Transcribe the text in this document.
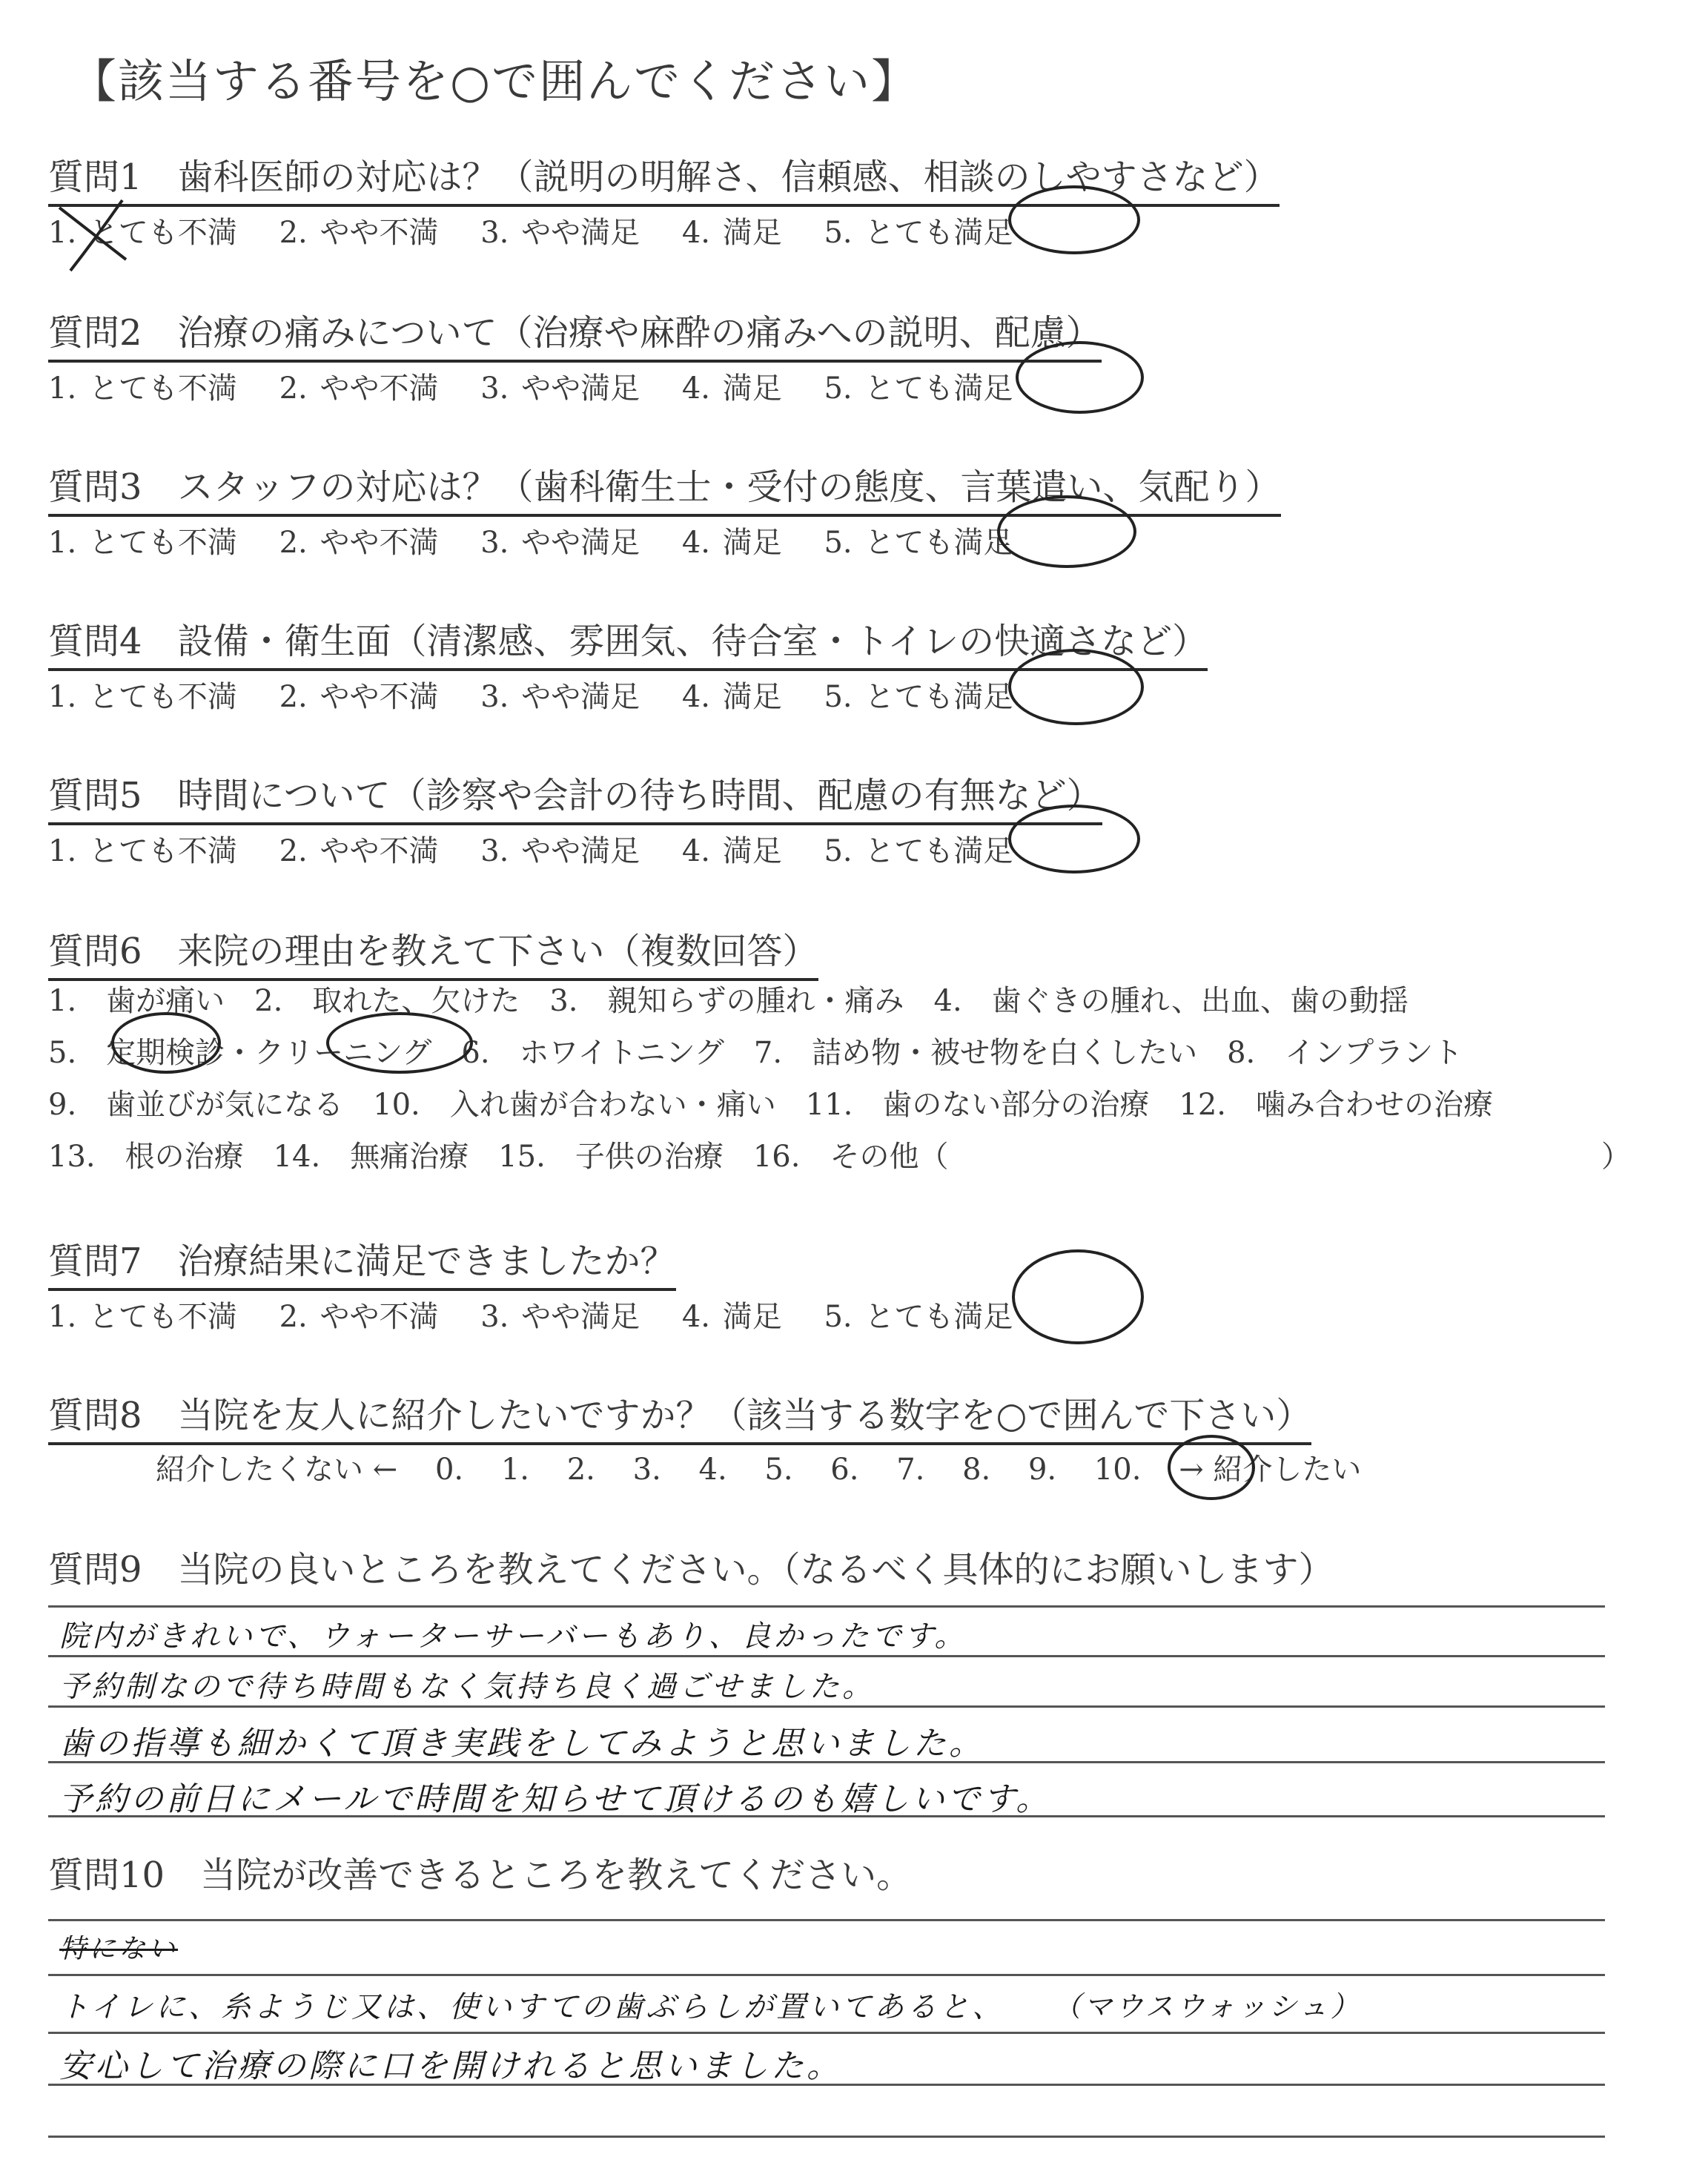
【該当する番号を○で囲んでください】
質問1　歯科医師の対応は？（説明の明解さ、信頼感、相談のしやすさなど）
1. とても不満　 2. やや不満　 3. やや満足　 4. 満足　 5. とても満足
質問2　治療の痛みについて（治療や麻酔の痛みへの説明、配慮）
1. とても不満　 2. やや不満　 3. やや満足　 4. 満足　 5. とても満足
質問3　スタッフの対応は？（歯科衛生士・受付の態度、言葉遣い、気配り）
1. とても不満　 2. やや不満　 3. やや満足　 4. 満足　 5. とても満足
質問4　設備・衛生面（清潔感、雰囲気、待合室・トイレの快適さなど）
1. とても不満　 2. やや不満　 3. やや満足　 4. 満足　 5. とても満足
質問5　時間について（診察や会計の待ち時間、配慮の有無など）
1. とても不満　 2. やや不満　 3. やや満足　 4. 満足　 5. とても満足
質問6　来院の理由を教えて下さい（複数回答）
1.　歯が痛い　2.　取れた、欠けた　3.　親知らずの腫れ・痛み　4.　歯ぐきの腫れ、出血、歯の動揺
5.　定期検診・クリーニング　6.　ホワイトニング　7.　詰め物・被せ物を白くしたい　8.　インプラント
9.　歯並びが気になる　10.　入れ歯が合わない・痛い　11.　歯のない部分の治療　12.　噛み合わせの治療
13.　根の治療　14.　無痛治療　15.　子供の治療　16.　その他（	）
質問7　治療結果に満足できましたか？
1. とても不満　 2. やや不満　 3. やや満足　 4. 満足　 5. とても満足
質問8　当院を友人に紹介したいですか？（該当する数字を○で囲んで下さい）
紹介したくない ← 0. 1. 2. 3. 4. 5. 6. 7. 8. 9. 10. → 紹介したい
質問9　当院の良いところを教えてください。（なるべく具体的にお願いします）
院内がきれいで、ウォーターサーバーもあり、良かったです。
予約制なので待ち時間もなく気持ち良く過ごせました。
歯の指導も細かくて頂き実践をしてみようと思いました。
予約の前日にメールで時間を知らせて頂けるのも嬉しいです。
質問10　当院が改善できるところを教えてください。
特にない
トイレに、糸ようじ又は、使いすての歯ぶらしが置いてあると、 （マウスウォッシュ）
安心して治療の際に口を開けれると思いました。
